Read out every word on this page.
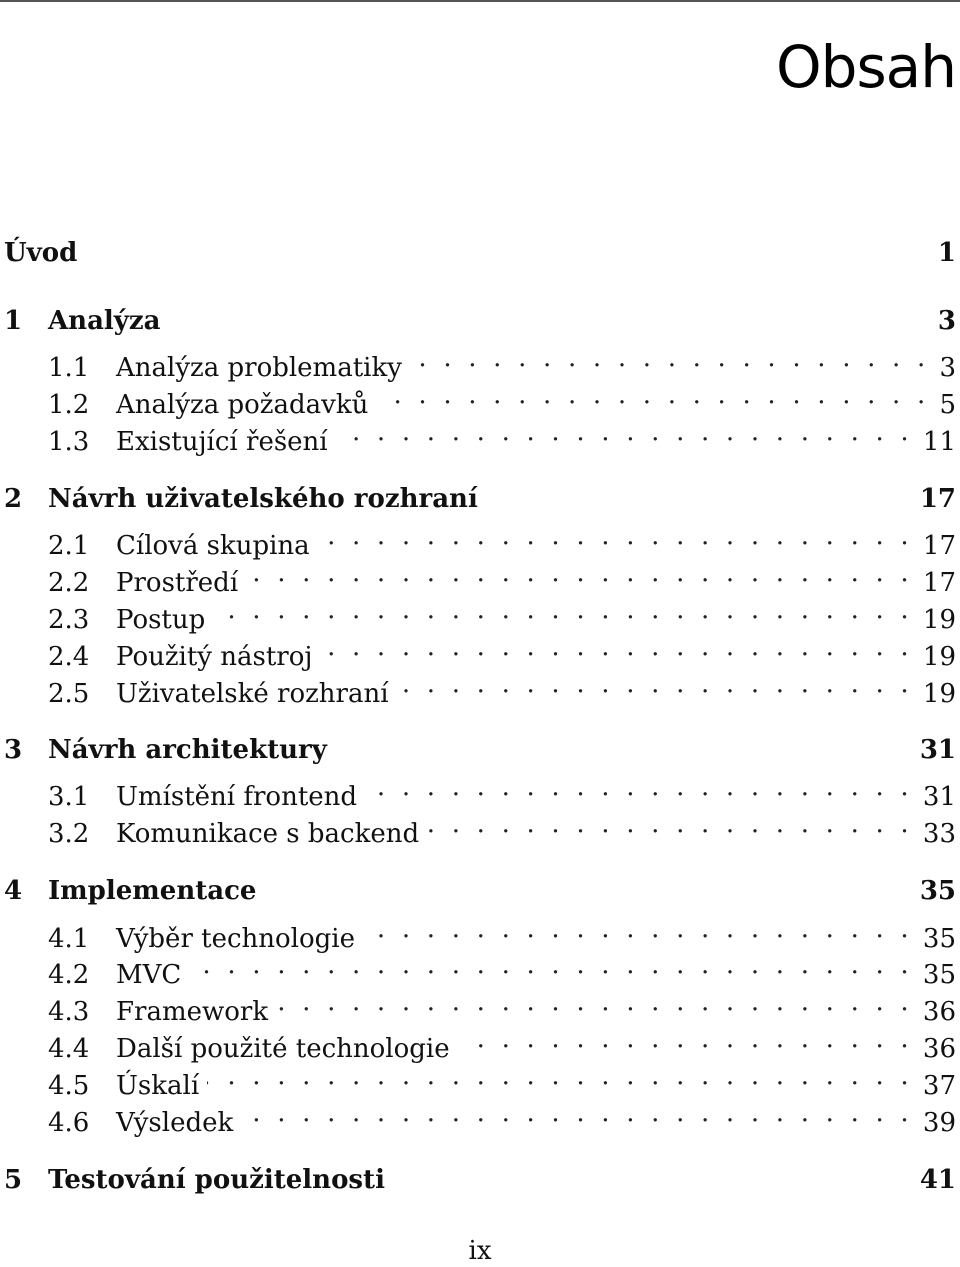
Obsah
Úvod	1
1 Analýza	3
1.1	Analýza problematiky . . .	3
1.2	Analýza požadavků . . .	5
1.3	Existující řešení . . .	11
2 Návrh uživatelského rozhraní	17
2.1	Cílová skupina . . .	17
2.2	Prostředí . . .	17
2.3	Postup . . .	19
2.4	Použitý nástroj . . .	19
2.5	Uživatelské rozhraní . . .	19
3 Návrh architektury	31
3.1	Umístění frontend . . .	31
3.2	Komunikace s backend . . .	33
4 Implementace	35
4.1	Výběr technologie . . .	35
4.2	MVC . . .	35
4.3	Framework . . .	36
4.4	Další použité technologie . . .	36
4.5	Úskalí . . .	37
4.6	Výsledek . . .	39
5 Testování použitelnosti	41
ix
